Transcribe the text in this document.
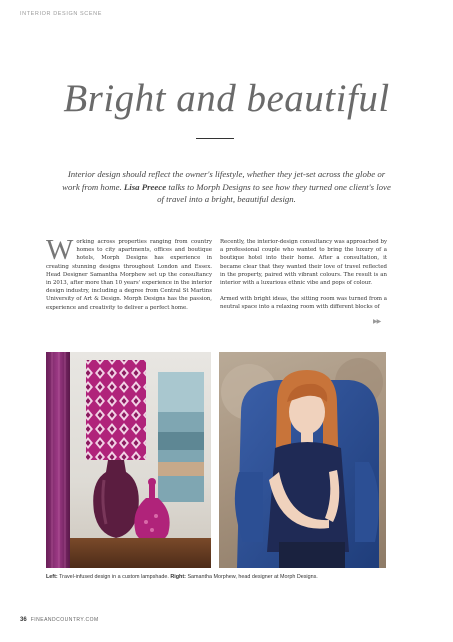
INTERIOR DESIGN SCENE
Bright and beautiful

Interior design should reflect the owner's lifestyle, whether they jet-set across the globe or work from home. Lisa Preece talks to Morph Designs to see how they turned one client's love of travel into a bright, beautiful design.

Working across properties ranging from country homes to city apartments, offices and boutique hotels, Morph Designs has experience in creating stunning designs throughout London and Essex. Head Designer Samantha Morphew set up the consultancy in 2013, after more than 10 years' experience in the interior design industry, including a degree from Central St Martins University of Art & Design. Morph Designs has the passion, experience and creativity to deliver a perfect home.

Recently, the interior-design consultancy was approached by a professional couple who wanted to bring the luxury of a boutique hotel into their home. After a consultation, it became clear that they wanted their love of travel reflected in the property, paired with vibrant colours. The result is an interior with a luxurious ethnic vibe and pops of colour.

Armed with bright ideas, the sitting room was turned from a neutral space into a relaxing room with different blocks of

▶▶
Left: Travel-infused design in a custom lampshade. Right: Samantha Morphew, head designer at Morph Designs.
36 FINEANDCOUNTRY.COM
